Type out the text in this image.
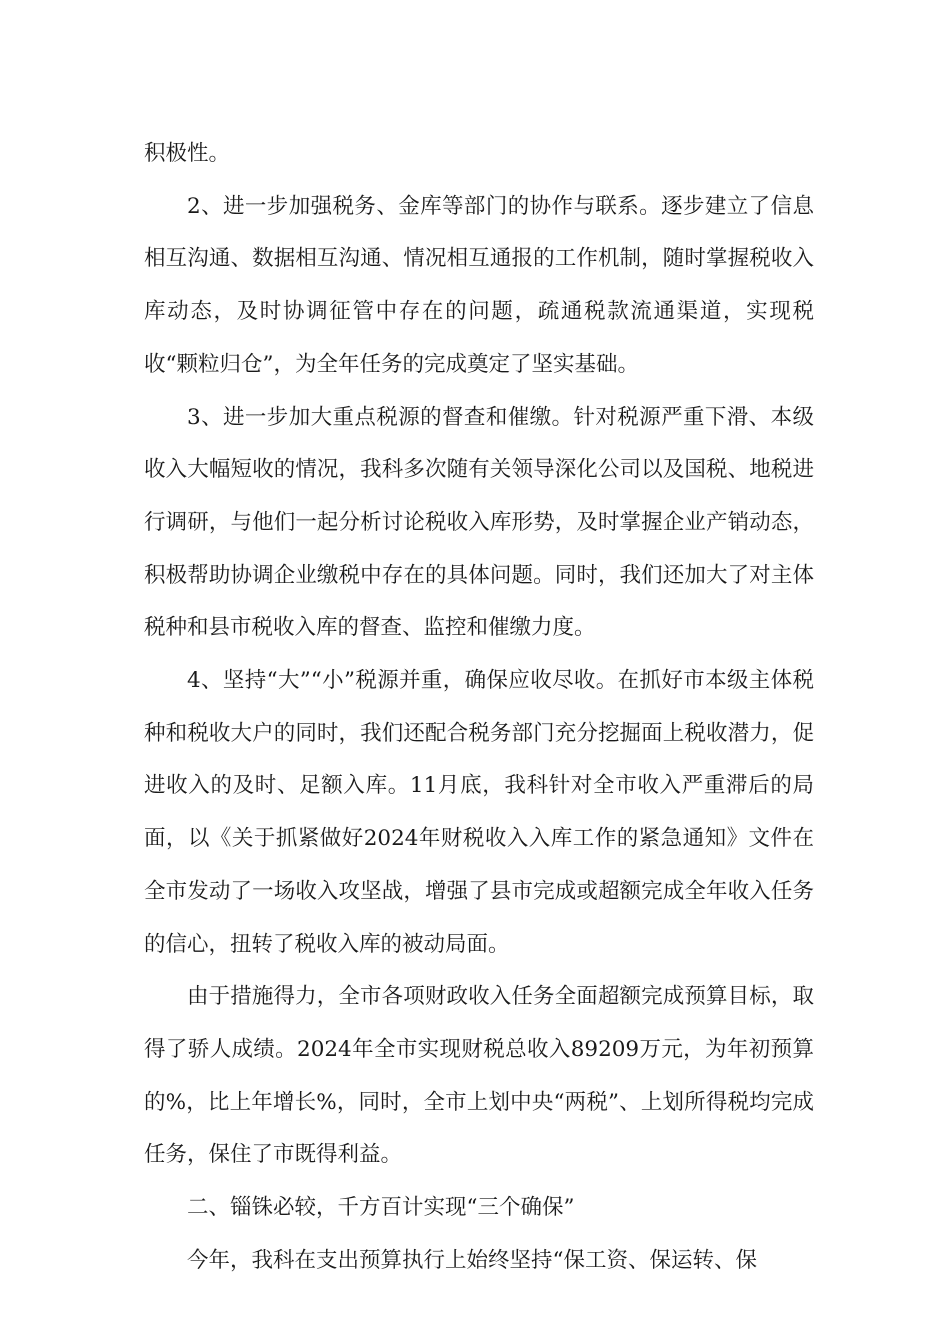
积极性。

2、进一步加强税务、金库等部门的协作与联系。逐步建立了信息相互沟通、数据相互沟通、情况相互通报的工作机制，随时掌握税收入库动态，及时协调征管中存在的问题，疏通税款流通渠道，实现税收“颗粒归仓”，为全年任务的完成奠定了坚实基础。

3、进一步加大重点税源的督查和催缴。针对税源严重下滑、本级收入大幅短收的情况，我科多次随有关领导深化公司以及国税、地税进行调研，与他们一起分析讨论税收入库形势，及时掌握企业产销动态，积极帮助协调企业缴税中存在的具体问题。同时，我们还加大了对主体税种和县市税收入库的督查、监控和催缴力度。

4、坚持“大”“小”税源并重，确保应收尽收。在抓好市本级主体税种和税收大户的同时，我们还配合税务部门充分挖掘面上税收潜力，促进收入的及时、足额入库。11月底，我科针对全市收入严重滞后的局面，以《关于抓紧做好2024年财税收入入库工作的紧急通知》文件在全市发动了一场收入攻坚战，增强了县市完成或超额完成全年收入任务的信心，扭转了税收入库的被动局面。

由于措施得力，全市各项财政收入任务全面超额完成预算目标，取得了骄人成绩。2024年全市实现财税总收入89209万元，为年初预算的%，比上年增长%，同时，全市上划中央“两税”、上划所得税均完成任务，保住了市既得利益。

二、锱铢必较，千方百计实现“三个确保”

今年，我科在支出预算执行上始终坚持“保工资、保运转、保
